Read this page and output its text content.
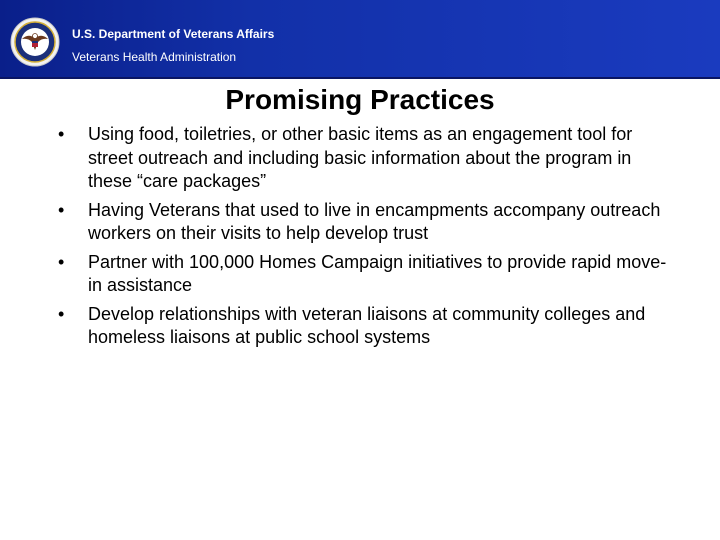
U.S. Department of Veterans Affairs
Veterans Health Administration
Promising Practices
• Using food, toiletries, or other basic items as an engagement tool for street outreach and including basic information about the program in these “care packages”
• Having Veterans that used to live in encampments accompany outreach workers on their visits to help develop trust
• Partner with 100,000 Homes Campaign initiatives to provide rapid move-in assistance
• Develop relationships with veteran liaisons at community colleges and homeless liaisons at public school systems
